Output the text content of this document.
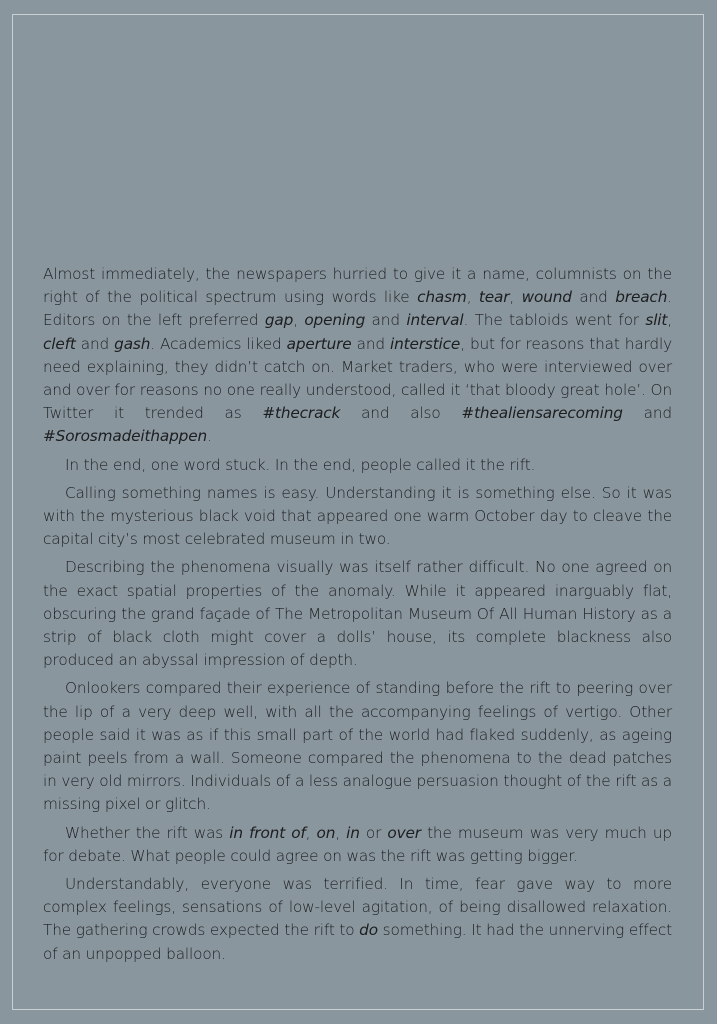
Almost immediately, the newspapers hurried to give it a name, columnists on the right of the political spectrum using words like chasm, tear, wound and breach. Editors on the left preferred gap, opening and interval. The tabloids went for slit, cleft and gash. Academics liked aperture and interstice, but for reasons that hardly need explaining, they didn’t catch on. Market traders, who were interviewed over and over for reasons no one really understood, called it ‘that bloody great hole’. On Twitter it trended as #thecrack and also #thealiensarecoming and #Sorosmadeithappen.

In the end, one word stuck. In the end, people called it the rift.

Calling something names is easy. Understanding it is something else. So it was with the mysterious black void that appeared one warm October day to cleave the capital city’s most celebrated museum in two.

Describing the phenomena visually was itself rather difficult. No one agreed on the exact spatial properties of the anomaly. While it appeared inarguably flat, obscuring the grand façade of The Metropolitan Museum Of All Human History as a strip of black cloth might cover a dolls’ house, its complete blackness also produced an abyssal impression of depth.

Onlookers compared their experience of standing before the rift to peering over the lip of a very deep well, with all the accompanying feelings of vertigo. Other people said it was as if this small part of the world had flaked suddenly, as ageing paint peels from a wall. Someone compared the phenomena to the dead patches in very old mirrors. Individuals of a less analogue persuasion thought of the rift as a missing pixel or glitch.

Whether the rift was in front of, on, in or over the museum was very much up for debate. What people could agree on was the rift was getting bigger.

Understandably, everyone was terrified. In time, fear gave way to more complex feelings, sensations of low-level agitation, of being disallowed relaxation. The gathering crowds expected the rift to do something. It had the unnerving effect of an unpopped balloon.
